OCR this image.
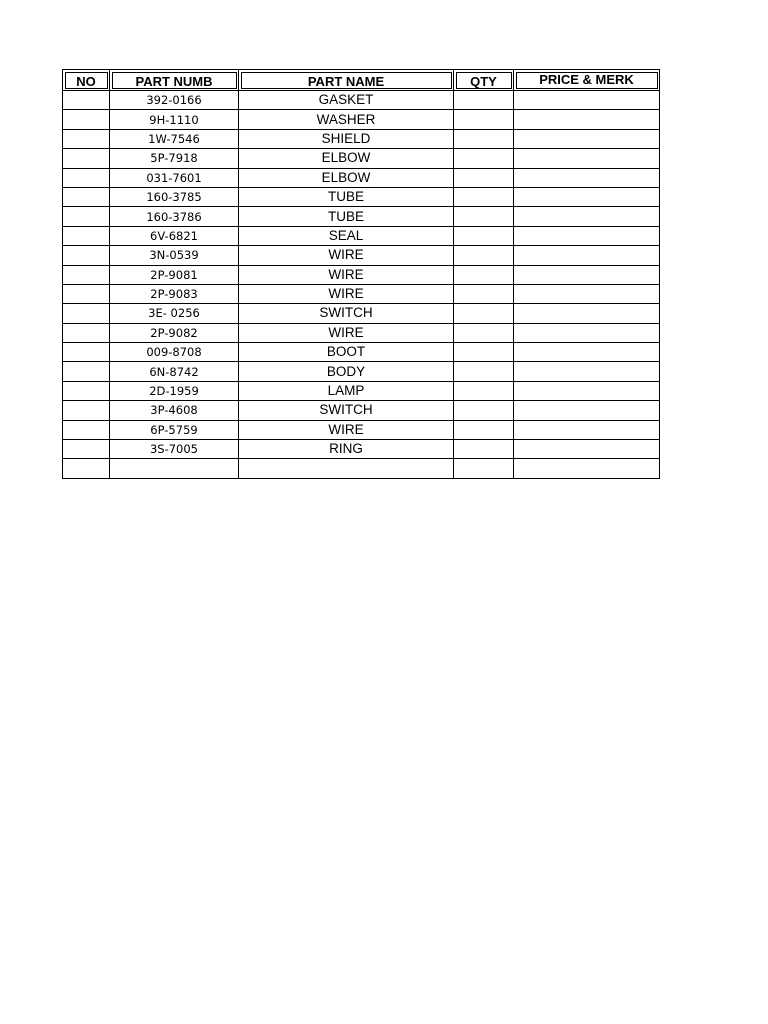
NO	PART NUMB	PART NAME	QTY	PRICE & MERK
	392-0166	GASKET		
	9H-1110	WASHER		
	1W-7546	SHIELD		
	5P-7918	ELBOW		
	031-7601	ELBOW		
	160-3785	TUBE		
	160-3786	TUBE		
	6V-6821	SEAL		
	3N-0539	WIRE		
	2P-9081	WIRE		
	2P-9083	WIRE		
	3E- 0256	SWITCH		
	2P-9082	WIRE		
	009-8708	BOOT		
	6N-8742	BODY		
	2D-1959	LAMP		
	3P-4608	SWITCH		
	6P-5759	WIRE		
	3S-7005	RING		
